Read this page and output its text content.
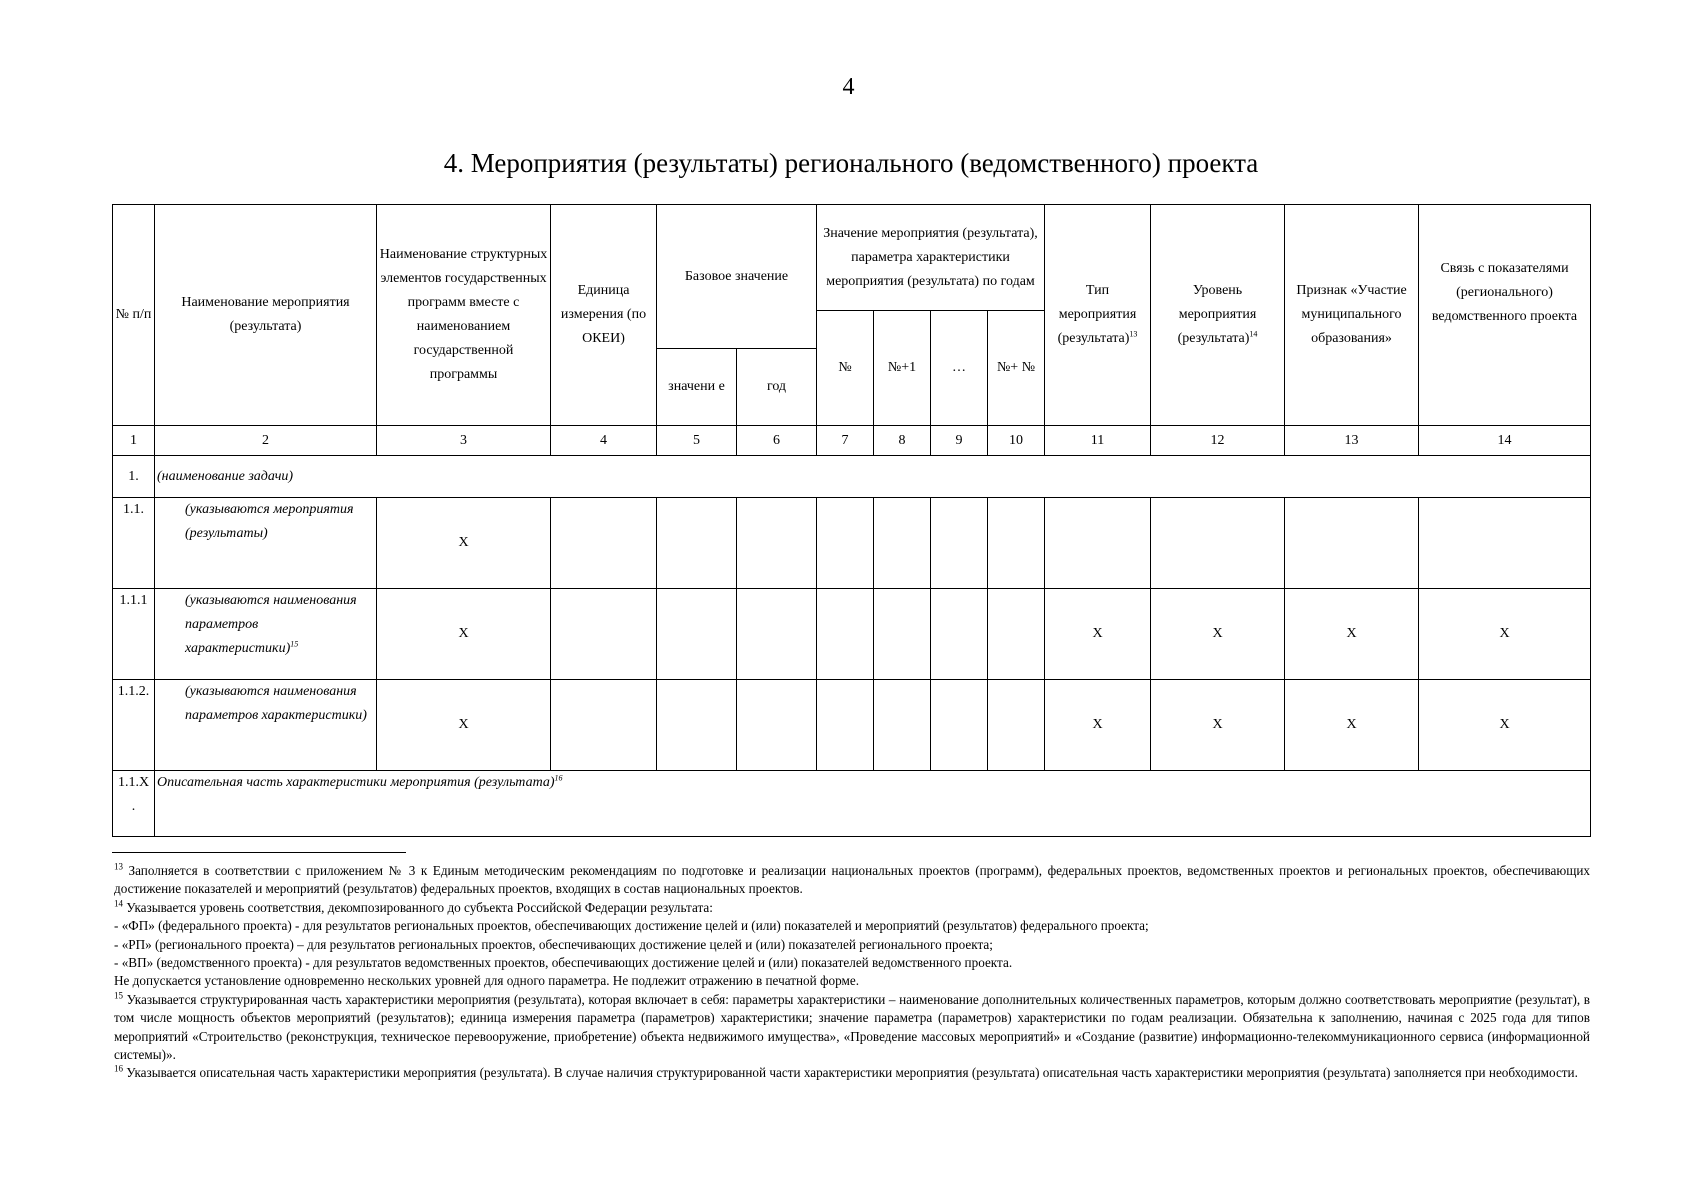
4
4. Мероприятия (результаты) регионального (ведомственного) проекта
№ п/п	Наименование мероприятия (результата)	Наименование структурных элементов государственных программ вместе с наименованием государственной программы	Единица измерения (по ОКЕИ)	Базовое значение		Значение мероприятия (результата), параметра характеристики мероприятия (результата) по годам				Тип мероприятия (результата)$^{13}$	Уровень мероприятия (результата)$^{14}$	Признак «Участие муниципального образования»	Связь с показателями (регионального) ведомственного проекта
						№	№+1	…	№+ №				
				значени е	год								
1	2	3	4	5	6	7	8	9	10	11	12	13	14
1.	(наименование задачи)												
1.1.	(указываются мероприятия (результаты)	X											
1.1.1	(указываются наименования параметров характеристики)$^{15}$	X								X	X	X	X
1.1.2.	(указываются наименования параметров характеристики)	X								X	X	X	X
1.1.X .	Описательная часть характеристики мероприятия (результата)$^{16}$

$^{13}$ Заполняется в соответствии с приложением № 3 к Единым методическим рекомендациям по подготовке и реализации национальных проектов (программ), федеральных проектов, ведомственных проектов и региональных проектов, обеспечивающих достижение показателей и мероприятий (результатов) федеральных проектов, входящих в состав национальных проектов.

$^{14}$ Указывается уровень соответствия, декомпозированного до субъекта Российской Федерации результата:

- «ФП» (федерального проекта) - для результатов региональных проектов, обеспечивающих достижение целей и (или) показателей и мероприятий (результатов) федерального проекта;

- «РП» (регионального проекта) – для результатов региональных проектов, обеспечивающих достижение целей и (или) показателей регионального проекта;

- «ВП» (ведомственного проекта) - для результатов ведомственных проектов, обеспечивающих достижение целей и (или) показателей ведомственного проекта.

Не допускается установление одновременно нескольких уровней для одного параметра. Не подлежит отражению в печатной форме.

$^{15}$ Указывается структурированная часть характеристики мероприятия (результата), которая включает в себя: параметры характеристики – наименование дополнительных количественных параметров, которым должно соответствовать мероприятие (результат), в том числе мощность объектов мероприятий (результатов); единица измерения параметра (параметров) характеристики; значение параметра (параметров) характеристики по годам реализации. Обязательна к заполнению, начиная с 2025 года для типов мероприятий «Строительство (реконструкция, техническое перевооружение, приобретение) объекта недвижимого имущества», «Проведение массовых мероприятий» и «Создание (развитие) информационно-телекоммуникационного сервиса (информационной системы)».

$^{16}$ Указывается описательная часть характеристики мероприятия (результата). В случае наличия структурированной части характеристики мероприятия (результата) описательная часть характеристики мероприятия (результата) заполняется при необходимости.
